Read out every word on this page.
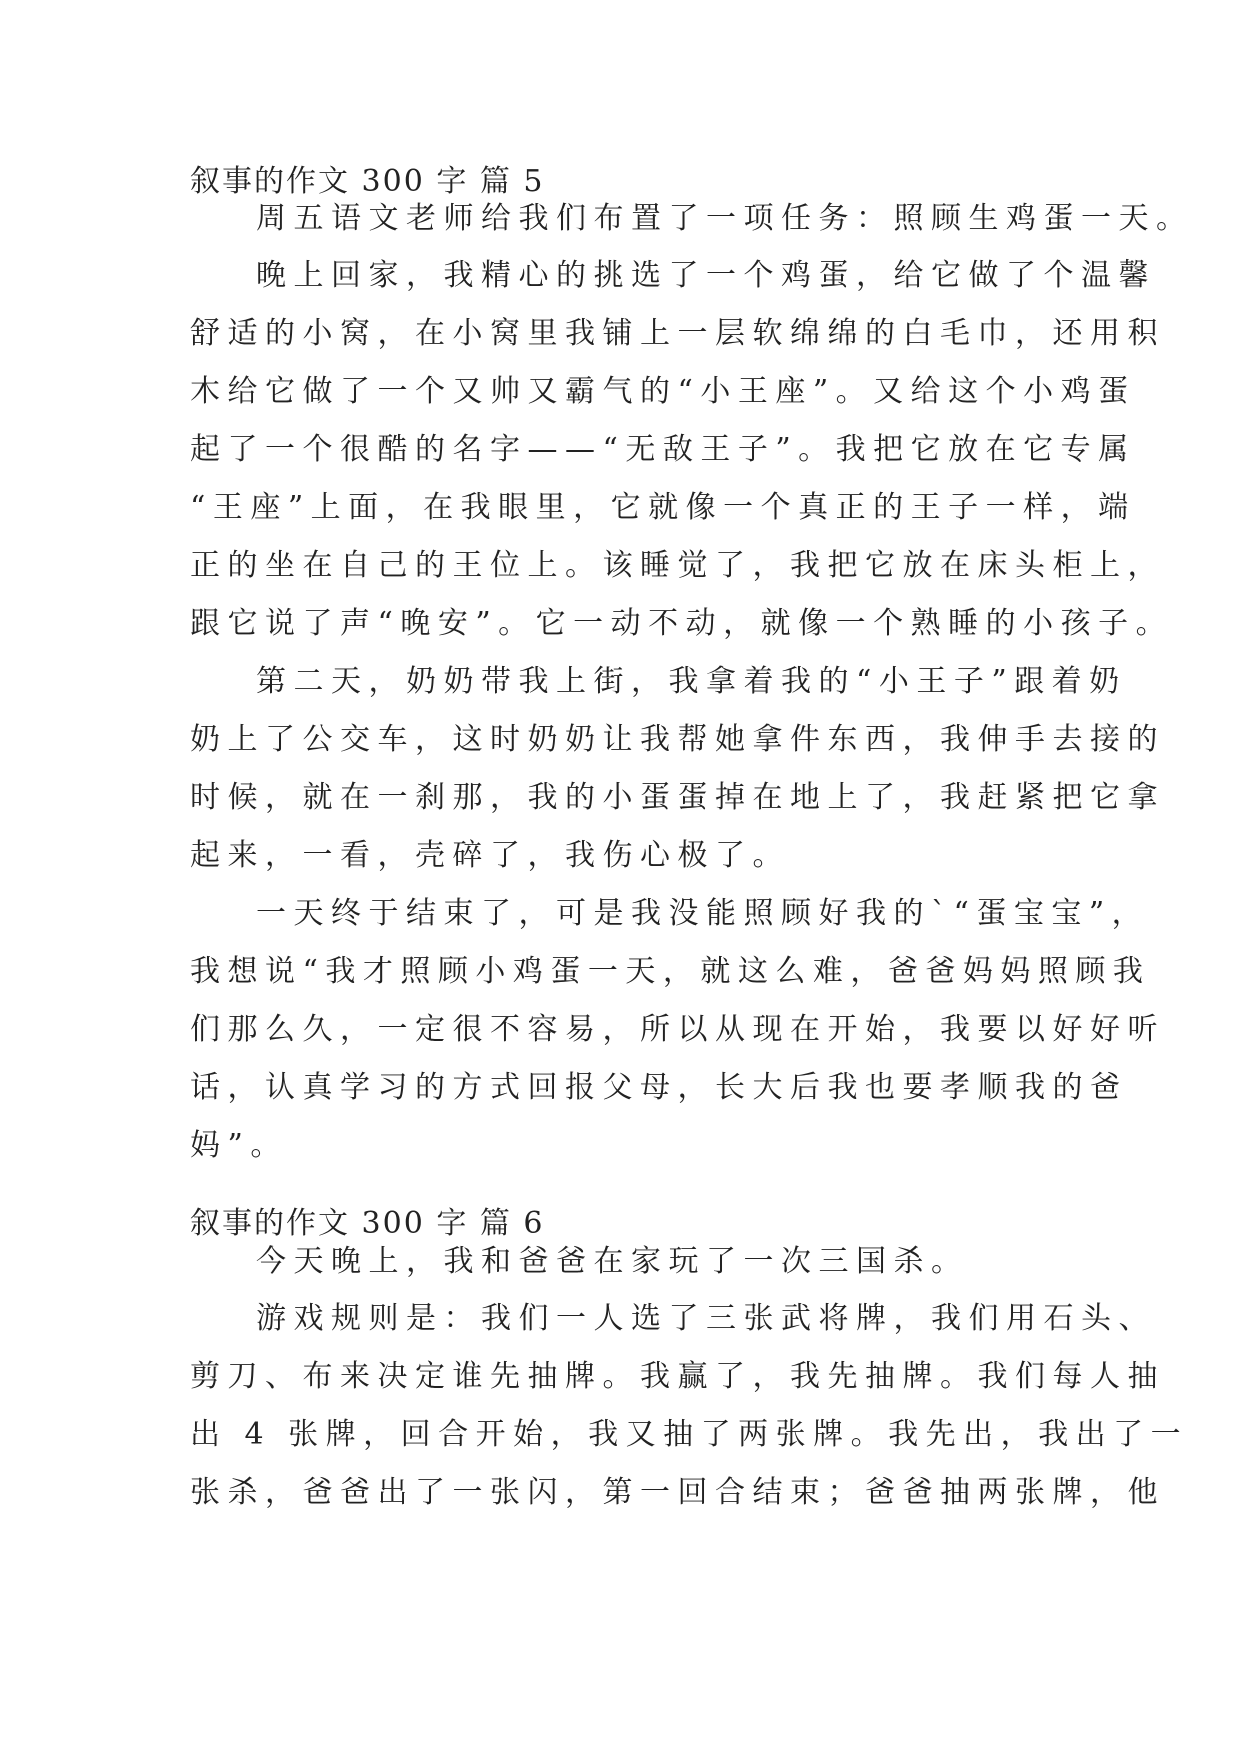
叙事的作文 300 字 篇 5
周五语文老师给我们布置了一项任务：照顾生鸡蛋一天。
晚上回家，我精心的挑选了一个鸡蛋，给它做了个温馨
舒适的小窝，在小窝里我铺上一层软绵绵的白毛巾，还用积
木给它做了一个又帅又霸气的“小王座”。又给这个小鸡蛋
起了一个很酷的名字——“无敌王子”。我把它放在它专属
“王座”上面，在我眼里，它就像一个真正的王子一样，端
正的坐在自己的王位上。该睡觉了，我把它放在床头柜上，
跟它说了声“晚安”。它一动不动，就像一个熟睡的小孩子。
第二天，奶奶带我上街，我拿着我的“小王子”跟着奶
奶上了公交车，这时奶奶让我帮她拿件东西，我伸手去接的
时候，就在一刹那，我的小蛋蛋掉在地上了，我赶紧把它拿
起来，一看，壳碎了，我伤心极了。
一天终于结束了，可是我没能照顾好我的`“蛋宝宝”，
我想说“我才照顾小鸡蛋一天，就这么难，爸爸妈妈照顾我
们那么久，一定很不容易，所以从现在开始，我要以好好听
话，认真学习的方式回报父母，长大后我也要孝顺我的爸
妈”。
叙事的作文 300 字 篇 6
今天晚上，我和爸爸在家玩了一次三国杀。
游戏规则是：我们一人选了三张武将牌，我们用石头、
剪刀、布来决定谁先抽牌。我赢了，我先抽牌。我们每人抽
出 4 张牌，回合开始，我又抽了两张牌。我先出，我出了一
张杀，爸爸出了一张闪，第一回合结束；爸爸抽两张牌，他
